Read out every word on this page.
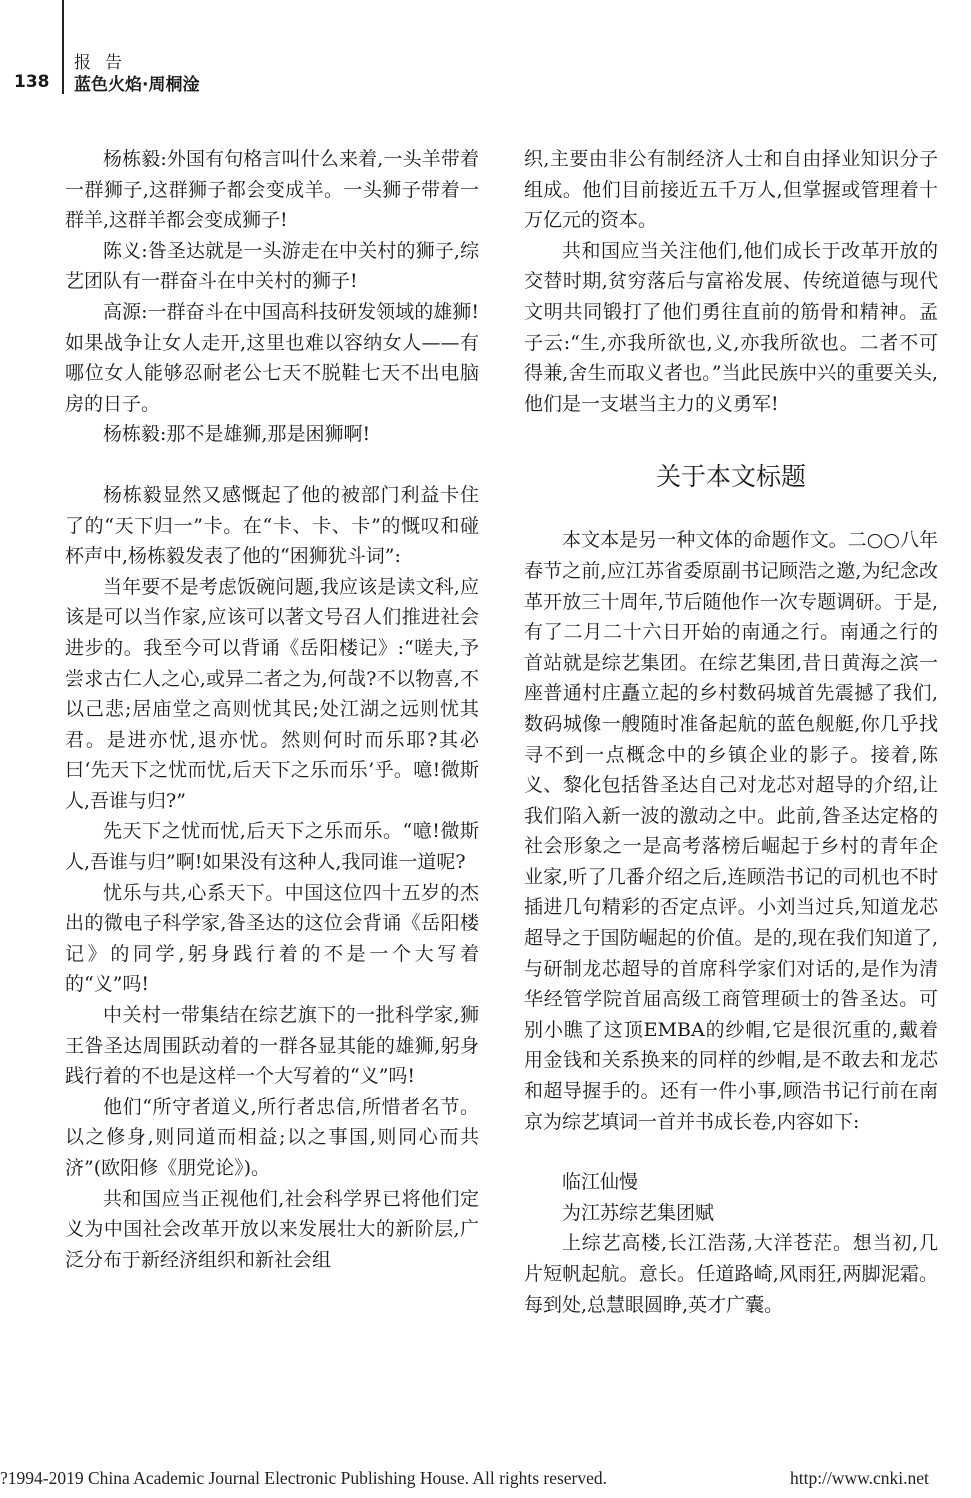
报告
138 蓝色火焰·周桐淦

杨栋毅:外国有句格言叫什么来着,一头羊带着一群狮子,这群狮子都会变成羊。一头狮子带着一群羊,这群羊都会变成狮子!

陈义:昝圣达就是一头游走在中关村的狮子,综艺团队有一群奋斗在中关村的狮子!

高源:一群奋斗在中国高科技研发领域的雄狮!如果战争让女人走开,这里也难以容纳女人——有哪位女人能够忍耐老公七天不脱鞋七天不出电脑房的日子。

杨栋毅:那不是雄狮,那是困狮啊!

杨栋毅显然又感慨起了他的被部门利益卡住了的“天下归一”卡。在“卡、卡、卡”的慨叹和碰杯声中,杨栋毅发表了他的“困狮犹斗词”:

当年要不是考虑饭碗问题,我应该是读文科,应该是可以当作家,应该可以著文号召人们推进社会进步的。我至今可以背诵《岳阳楼记》:“嗟夫,予尝求古仁人之心,或异二者之为,何哉?不以物喜,不以己悲;居庙堂之高则忧其民;处江湖之远则忧其君。是进亦忧,退亦忧。然则何时而乐耶?其必曰‘先天下之忧而忧,后天下之乐而乐’乎。噫!微斯人,吾谁与归?”

先天下之忧而忧,后天下之乐而乐。“噫!微斯人,吾谁与归”啊!如果没有这种人,我同谁一道呢?

忧乐与共,心系天下。中国这位四十五岁的杰出的微电子科学家,昝圣达的这位会背诵《岳阳楼记》的同学,躬身践行着的不是一个大写着的“义”吗!

中关村一带集结在综艺旗下的一批科学家,狮王昝圣达周围跃动着的一群各显其能的雄狮,躬身践行着的不也是这样一个大写着的“义”吗!

他们“所守者道义,所行者忠信,所惜者名节。以之修身,则同道而相益;以之事国,则同心而共济”(欧阳修《朋党论》)。

共和国应当正视他们,社会科学界已将他们定义为中国社会改革开放以来发展壮大的新阶层,广泛分布于新经济组织和新社会组

织,主要由非公有制经济人士和自由择业知识分子组成。他们目前接近五千万人,但掌握或管理着十万亿元的资本。

共和国应当关注他们,他们成长于改革开放的交替时期,贫穷落后与富裕发展、传统道德与现代文明共同锻打了他们勇往直前的筋骨和精神。孟子云:“生,亦我所欲也,义,亦我所欲也。二者不可得兼,舍生而取义者也。”当此民族中兴的重要关头,他们是一支堪当主力的义勇军!

关于本文标题

本文本是另一种文体的命题作文。二○○八年春节之前,应江苏省委原副书记顾浩之邀,为纪念改革开放三十周年,节后随他作一次专题调研。于是,有了二月二十六日开始的南通之行。南通之行的首站就是综艺集团。在综艺集团,昔日黄海之滨一座普通村庄矗立起的乡村数码城首先震撼了我们,数码城像一艘随时准备起航的蓝色舰艇,你几乎找寻不到一点概念中的乡镇企业的影子。接着,陈义、黎化包括昝圣达自己对龙芯对超导的介绍,让我们陷入新一波的激动之中。此前,昝圣达定格的社会形象之一是高考落榜后崛起于乡村的青年企业家,听了几番介绍之后,连顾浩书记的司机也不时插进几句精彩的否定点评。小刘当过兵,知道龙芯超导之于国防崛起的价值。是的,现在我们知道了,与研制龙芯超导的首席科学家们对话的,是作为清华经管学院首届高级工商管理硕士的昝圣达。可别小瞧了这顶EMBA的纱帽,它是很沉重的,戴着用金钱和关系换来的同样的纱帽,是不敢去和龙芯和超导握手的。还有一件小事,顾浩书记行前在南京为综艺填词一首并书成长卷,内容如下:

临江仙慢

为江苏综艺集团赋

上综艺高楼,长江浩荡,大洋苍茫。想当初,几片短帆起航。意长。任道路崎,风雨狂,两脚泥霜。每到处,总慧眼圆睁,英才广囊。

?1994-2019 China Academic Journal Electronic Publishing House. All rights reserved.	http://www.cnki.net
